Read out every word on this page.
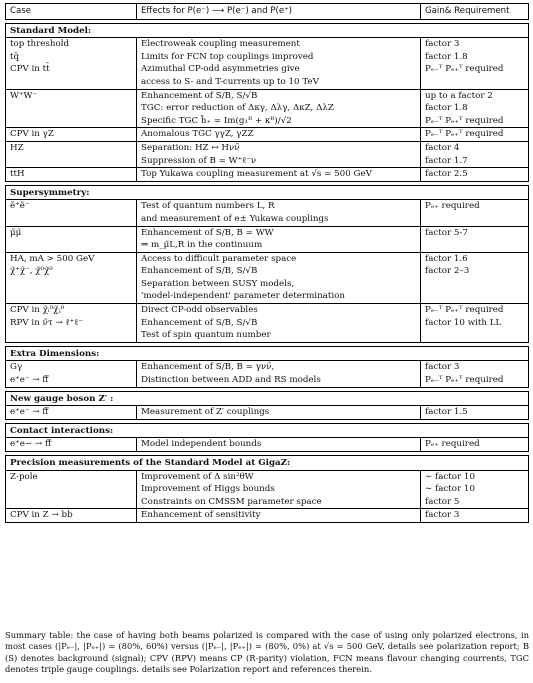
Case	Effects for P(e⁻) ⟶ P(e⁻) and P(e⁺)	Gain& Requirement

Standard Model:		
top threshold	Electroweak coupling measurement	factor 3
tq̄	Limits for FCN top couplings improved	factor 1.8
CPV in tt̄	Azimuthal CP-odd asymmetries give	Pₑ₋ᵀ Pₑ₊ᵀ required
	access to S- and T-currents up to 10 TeV	
W⁺W⁻	Enhancement of S/B, S/√B	up to a factor 2
	TGC: error reduction of Δκγ, Δλγ, ΔκZ, ΔλZ	factor 1.8
	Specific TGC h̃₊ = Im(g₁ᴿ + κᴿ)/√2	Pₑ₋ᵀ Pₑ₊ᵀ required
CPV in γZ	Anomalous TGC γγZ, γZZ	Pₑ₋ᵀ Pₑ₊ᵀ required
HZ	Separation: HZ ↔ Hνν̄	factor 4
	Suppression of B = W⁺ℓ⁻ν	factor 1.7
tt̄H	Top Yukawa coupling measurement at √s = 500 GeV	factor 2.5

Supersymmetry:		
ẽ⁺ẽ⁻	Test of quantum numbers L, R	Pₑ₊ required
	and measurement of e± Yukawa couplings	
μ̃μ̃	Enhancement of S/B, B = WW	factor 5-7
	⇒ m_μ̃L,R in the continuum	
HA, mA > 500 GeV	Access to difficult parameter space	factor 1.6
χ̃⁺χ̃⁻, χ̃⁰χ̃⁰	Enhancement of S/B, S/√B	factor 2–3
	Separation between SUSY models,	
	'model-independent' parameter determination	
CPV in χ̃ᵢ⁰χ̃ⱼ⁰	Direct CP-odd observables	Pₑ₋ᵀ Pₑ₊ᵀ required
RPV in ν̃τ → ℓ⁺ℓ⁻	Enhancement of S/B, S/√B	factor 10 with LL
	Test of spin quantum number	

Extra Dimensions:		
Gγ	Enhancement of S/B, B = γνν̄,	factor 3
e⁺e⁻ → ff̄	Distinction between ADD and RS models	Pₑ₋ᵀ Pₑ₊ᵀ required

New gauge boson Z′ :		
e⁺e⁻ → ff̄	Measurement of Z′ couplings	factor 1.5

Contact interactions:		
e⁺e− → ff̄	Model independent bounds	Pₑ₊ required

Precision measurements of the Standard Model at GigaZ:		
Z-pole	Improvement of Δ sin²θW	∼ factor 10
	Improvement of Higgs bounds	∼ factor 10
	Constraints on CMSSM parameter space	factor 5
CPV in Z → bb̄	Enhancement of sensitivity	factor 3
Summary table: the case of having both beams polarized is compared with the case of using only polarized electrons, in most cases (|Pₑ₋|, |Pₑ₊|) = (80%, 60%) versus (|Pₑ₋|, |Pₑ₊|) = (80%, 0%) at √s = 500 GeV, details see polarization report; B (S) denotes background (signal); CPV (RPV) means CP (R-parity) violation, FCN means flavour changing courrents, TGC denotes triple gauge couplings. details see Polarization report and references therein.
